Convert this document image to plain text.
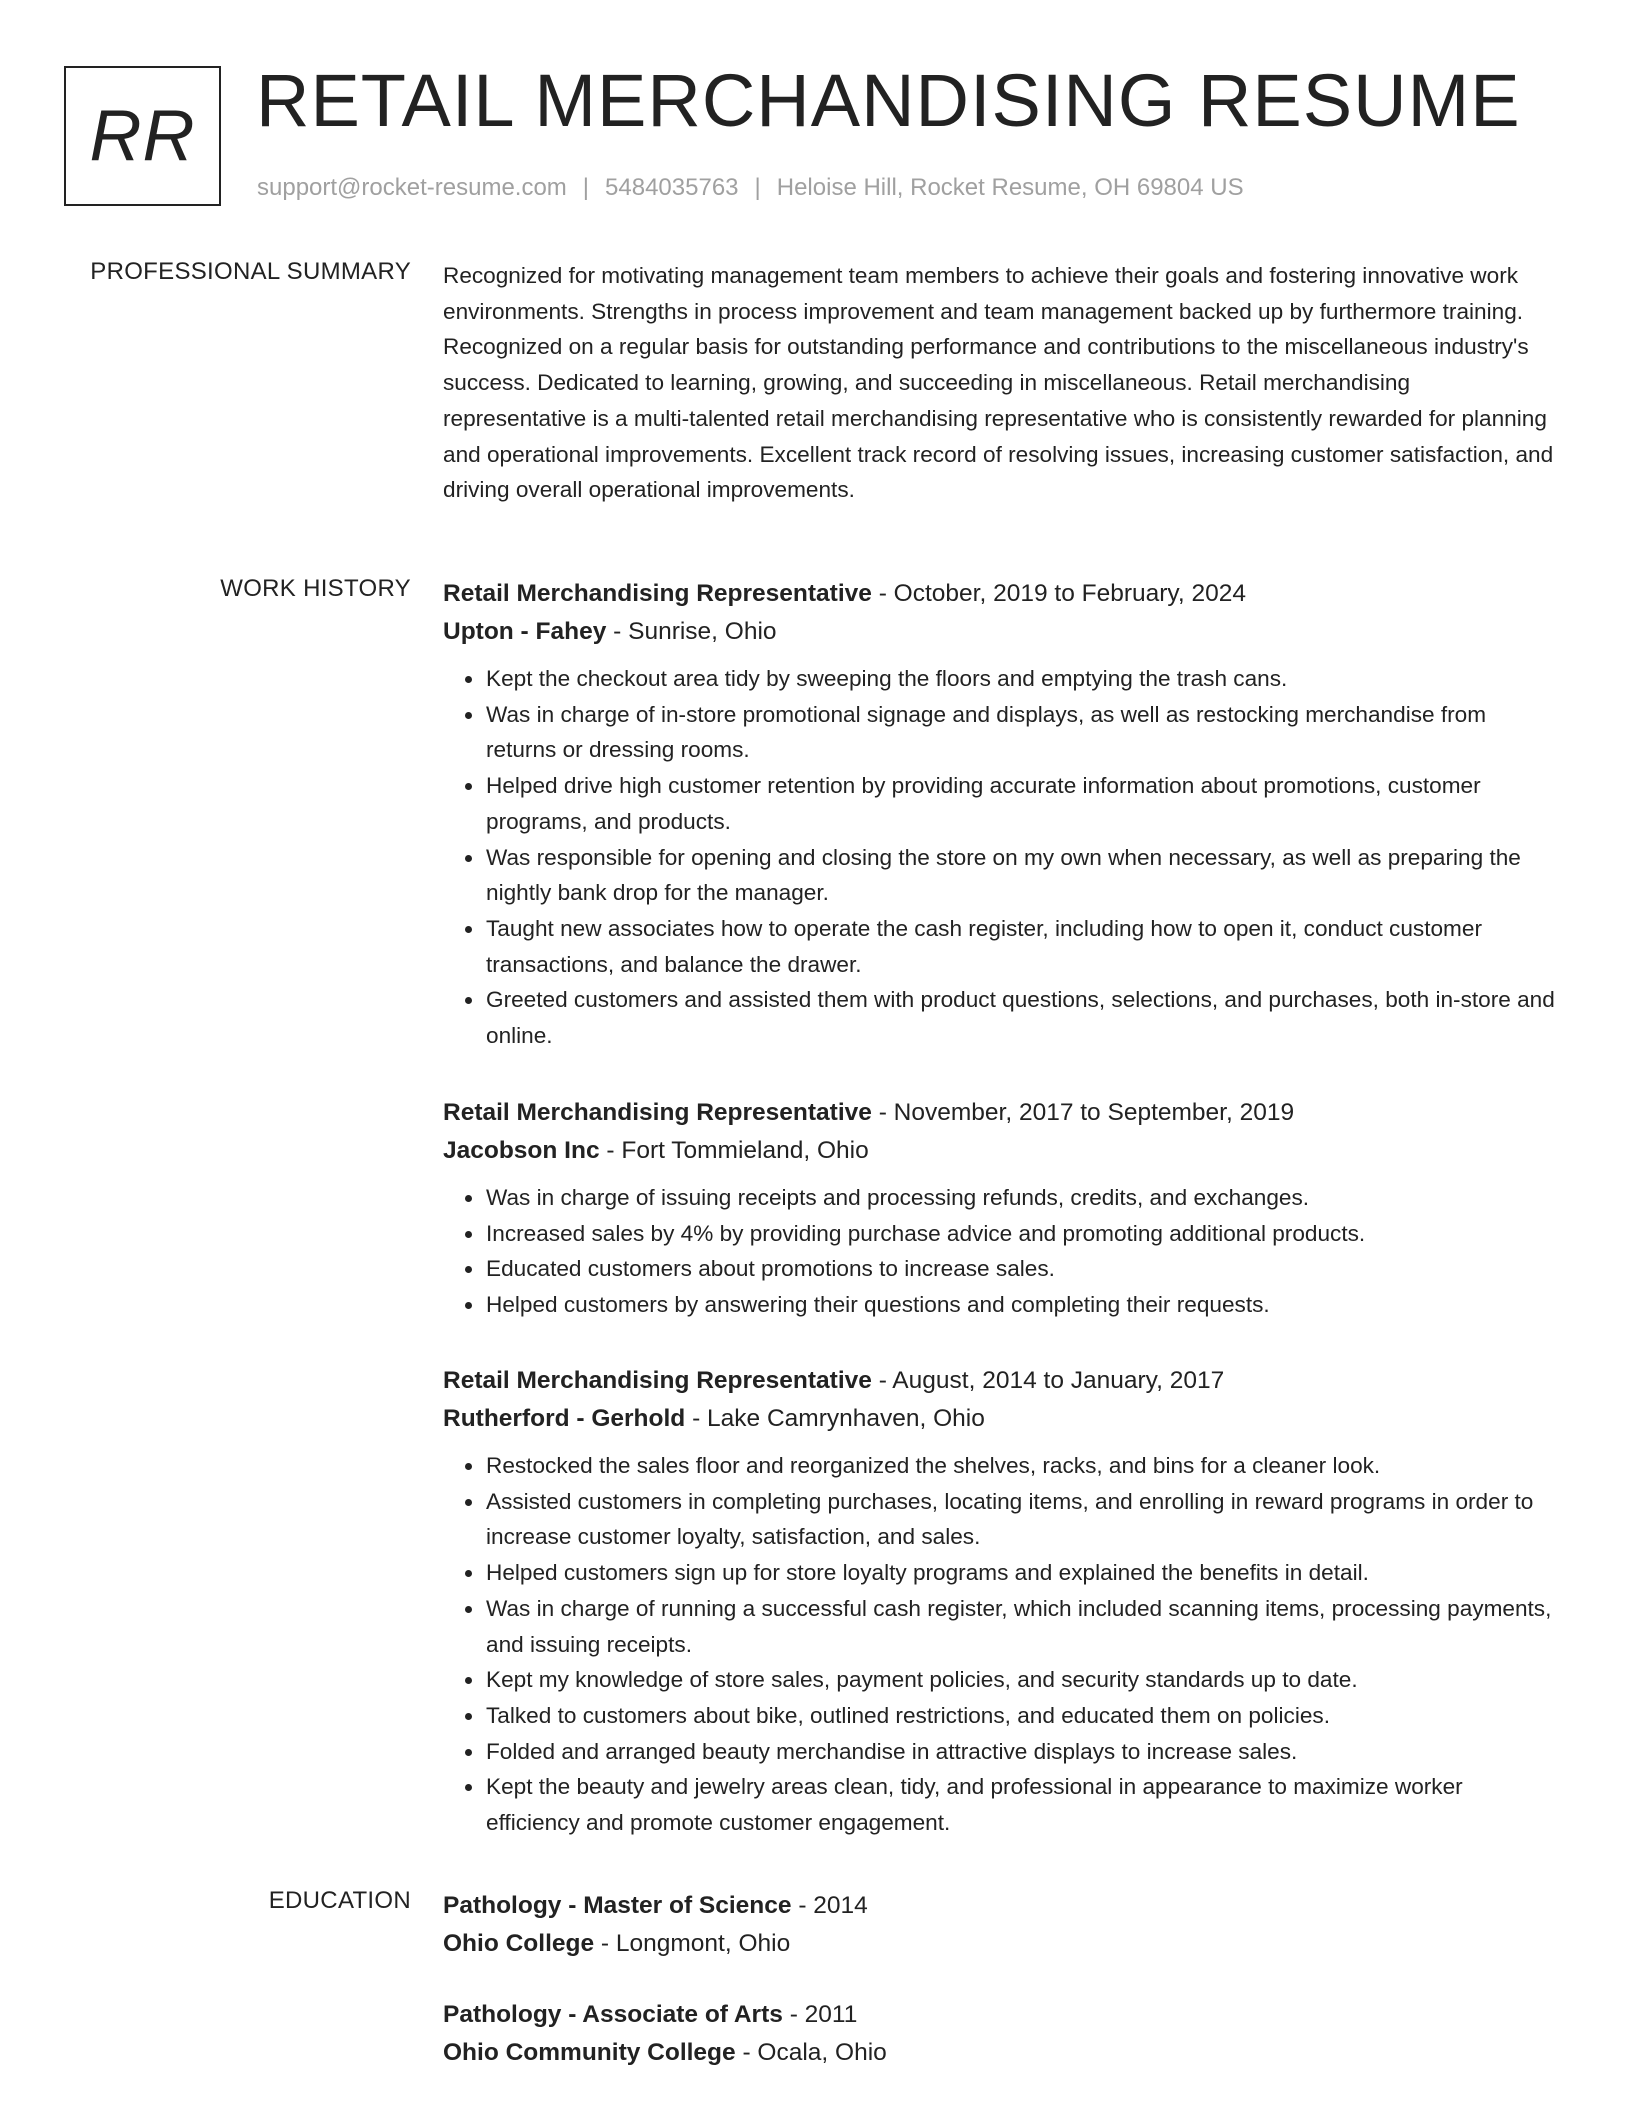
RR RETAIL MERCHANDISING RESUME
support@rocket-resume.com | 5484035763 | Heloise Hill, Rocket Resume, OH 69804 US
PROFESSIONAL SUMMARY Recognized for motivating management team members to achieve their goals and fostering innovative work environments. Strengths in process improvement and team management backed up by furthermore training. Recognized on a regular basis for outstanding performance and contributions to the miscellaneous industry's success. Dedicated to learning, growing, and succeeding in miscellaneous. Retail merchandising representative is a multi-talented retail merchandising representative who is consistently rewarded for planning and operational improvements. Excellent track record of resolving issues, increasing customer satisfaction, and driving overall operational improvements.

WORK HISTORY Retail Merchandising Representative - October, 2019 to February, 2024
Upton - Fahey - Sunrise, Ohio
Kept the checkout area tidy by sweeping the floors and emptying the trash cans.
Was in charge of in-store promotional signage and displays, as well as restocking merchandise from returns or dressing rooms.
Helped drive high customer retention by providing accurate information about promotions, customer programs, and products.
Was responsible for opening and closing the store on my own when necessary, as well as preparing the nightly bank drop for the manager.
Taught new associates how to operate the cash register, including how to open it, conduct customer transactions, and balance the drawer.
Greeted customers and assisted them with product questions, selections, and purchases, both in-store and online.
Retail Merchandising Representative - November, 2017 to September, 2019
Jacobson Inc - Fort Tommieland, Ohio
Was in charge of issuing receipts and processing refunds, credits, and exchanges.
Increased sales by 4% by providing purchase advice and promoting additional products.
Educated customers about promotions to increase sales.
Helped customers by answering their questions and completing their requests.
Retail Merchandising Representative - August, 2014 to January, 2017
Rutherford - Gerhold - Lake Camrynhaven, Ohio
Restocked the sales floor and reorganized the shelves, racks, and bins for a cleaner look.
Assisted customers in completing purchases, locating items, and enrolling in reward programs in order to increase customer loyalty, satisfaction, and sales.
Helped customers sign up for store loyalty programs and explained the benefits in detail.
Was in charge of running a successful cash register, which included scanning items, processing payments, and issuing receipts.
Kept my knowledge of store sales, payment policies, and security standards up to date.
Talked to customers about bike, outlined restrictions, and educated them on policies.
Folded and arranged beauty merchandise in attractive displays to increase sales.
Kept the beauty and jewelry areas clean, tidy, and professional in appearance to maximize worker efficiency and promote customer engagement.
EDUCATION Pathology - Master of Science - 2014
Ohio College - Longmont, Ohio
Pathology - Associate of Arts - 2011
Ohio Community College - Ocala, Ohio
